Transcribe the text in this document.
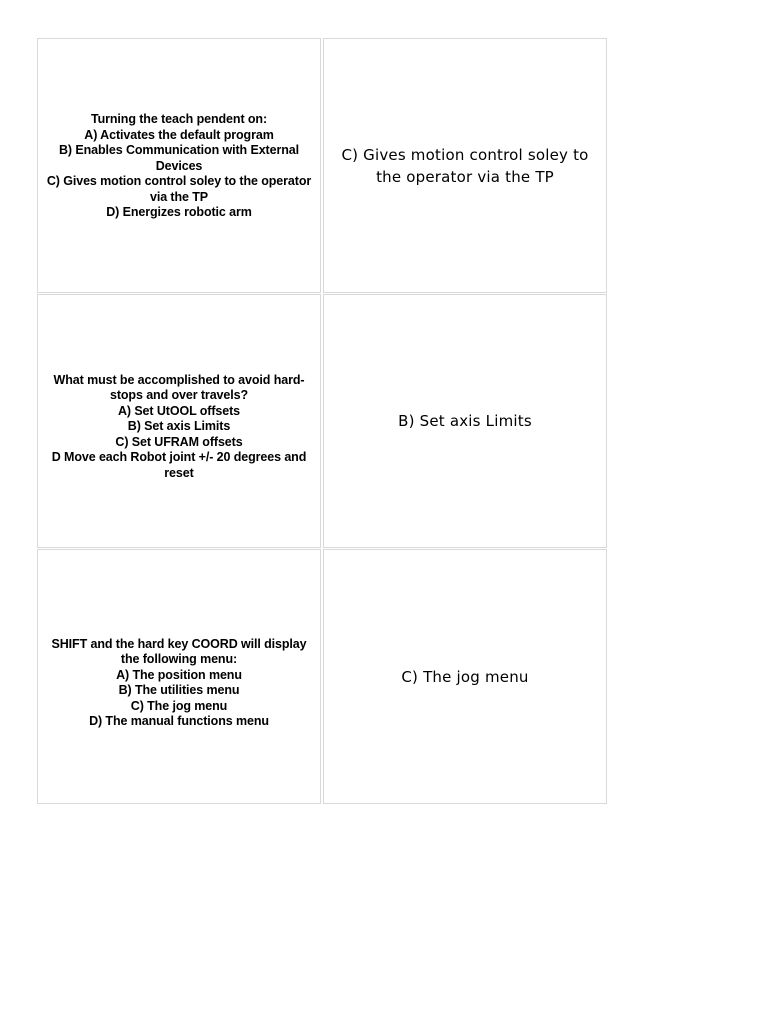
Turning the teach pendent on:
A) Activates the default program
B) Enables Communication with External Devices
C) Gives motion control soley to the operator via the TP
D) Energizes robotic arm
C) Gives motion control soley to the operator via the TP
What must be accomplished to avoid hard-stops and over travels?
A) Set UtOOL offsets
B) Set axis Limits
C) Set UFRAM offsets
D Move each Robot joint +/- 20 degrees and reset
B) Set axis Limits
SHIFT and the hard key COORD will display the following menu:
A) The position menu
B) The utilities menu
C) The jog menu
D) The manual functions menu
C) The jog menu
